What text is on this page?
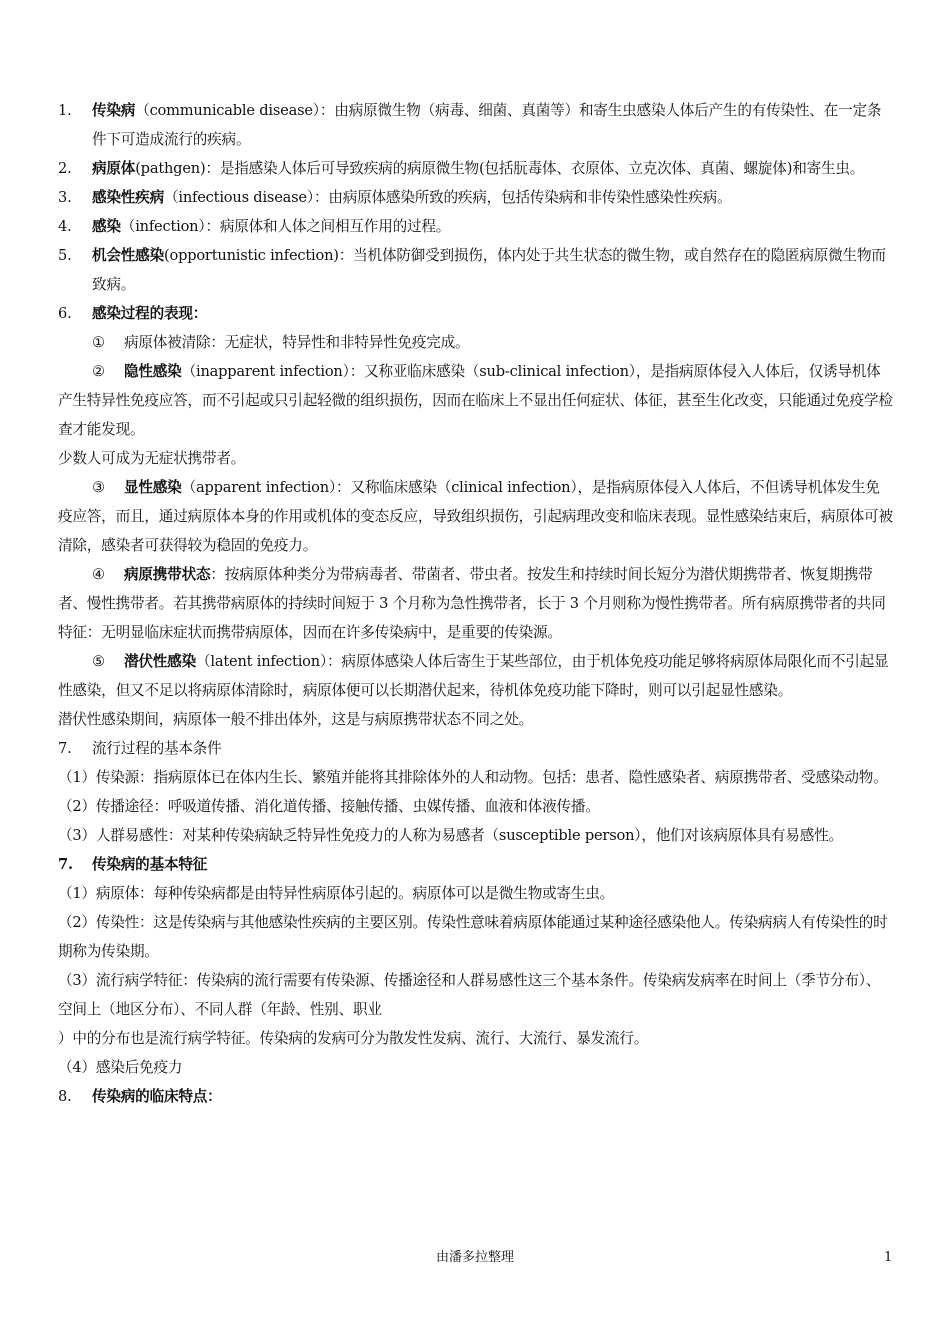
1.	传染病（communicable disease）：由病原微生物（病毒、细菌、真菌等）和寄生虫感染人体后产生的有传染性、在一定条件下可造成流行的疾病。

2.	病原体(pathgen)：是指感染人体后可导致疾病的病原微生物(包括朊毒体、衣原体、立克次体、真菌、螺旋体)和寄生虫。

3.	感染性疾病（infectious disease）：由病原体感染所致的疾病，包括传染病和非传染性感染性疾病。

4.	感染（infection）：病原体和人体之间相互作用的过程。

5.	机会性感染(opportunistic infection)：当机体防御受到损伤，体内处于共生状态的微生物，或自然存在的隐匿病原微生物而致病。

6.	感染过程的表现：

① 病原体被清除：无症状，特异性和非特异性免疫完成。

② 隐性感染（inapparent infection）：又称亚临床感染（sub-clinical infection），是指病原体侵入人体后，仅诱导机体产生特异性免疫应答，而不引起或只引起轻微的组织损伤，因而在临床上不显出任何症状、体征，甚至生化改变，只能通过免疫学检查才能发现。

少数人可成为无症状携带者。

③ 显性感染（apparent infection）：又称临床感染（clinical infection），是指病原体侵入人体后，不但诱导机体发生免疫应答，而且，通过病原体本身的作用或机体的变态反应，导致组织损伤，引起病理改变和临床表现。显性感染结束后，病原体可被清除，感染者可获得较为稳固的免疫力。

④ 病原携带状态：按病原体种类分为带病毒者、带菌者、带虫者。按发生和持续时间长短分为潜伏期携带者、恢复期携带者、慢性携带者。若其携带病原体的持续时间短于 3 个月称为急性携带者，长于 3 个月则称为慢性携带者。所有病原携带者的共同特征：无明显临床症状而携带病原体，因而在许多传染病中，是重要的传染源。

⑤ 潜伏性感染（latent infection）：病原体感染人体后寄生于某些部位，由于机体免疫功能足够将病原体局限化而不引起显性感染，但又不足以将病原体清除时，病原体便可以长期潜伏起来，待机体免疫功能下降时，则可以引起显性感染。

潜伏性感染期间，病原体一般不排出体外，这是与病原携带状态不同之处。

7.	流行过程的基本条件

（1）传染源：指病原体已在体内生长、繁殖并能将其排除体外的人和动物。包括：患者、隐性感染者、病原携带者、受感染动物。

（2）传播途径：呼吸道传播、消化道传播、接触传播、虫媒传播、血液和体液传播。

（3）人群易感性：对某种传染病缺乏特异性免疫力的人称为易感者（susceptible person），他们对该病原体具有易感性。

7.	传染病的基本特征

（1）病原体：每种传染病都是由特异性病原体引起的。病原体可以是微生物或寄生虫。

（2）传染性：这是传染病与其他感染性疾病的主要区别。传染性意味着病原体能通过某种途径感染他人。传染病病人有传染性的时期称为传染期。

（3）流行病学特征：传染病的流行需要有传染源、传播途径和人群易感性这三个基本条件。传染病发病率在时间上（季节分布）、空间上（地区分布）、不同人群（年龄、性别、职业

）中的分布也是流行病学特征。传染病的发病可分为散发性发病、流行、大流行、暴发流行。

（4）感染后免疫力

8.	传染病的临床特点：

由潘多拉整理	1
